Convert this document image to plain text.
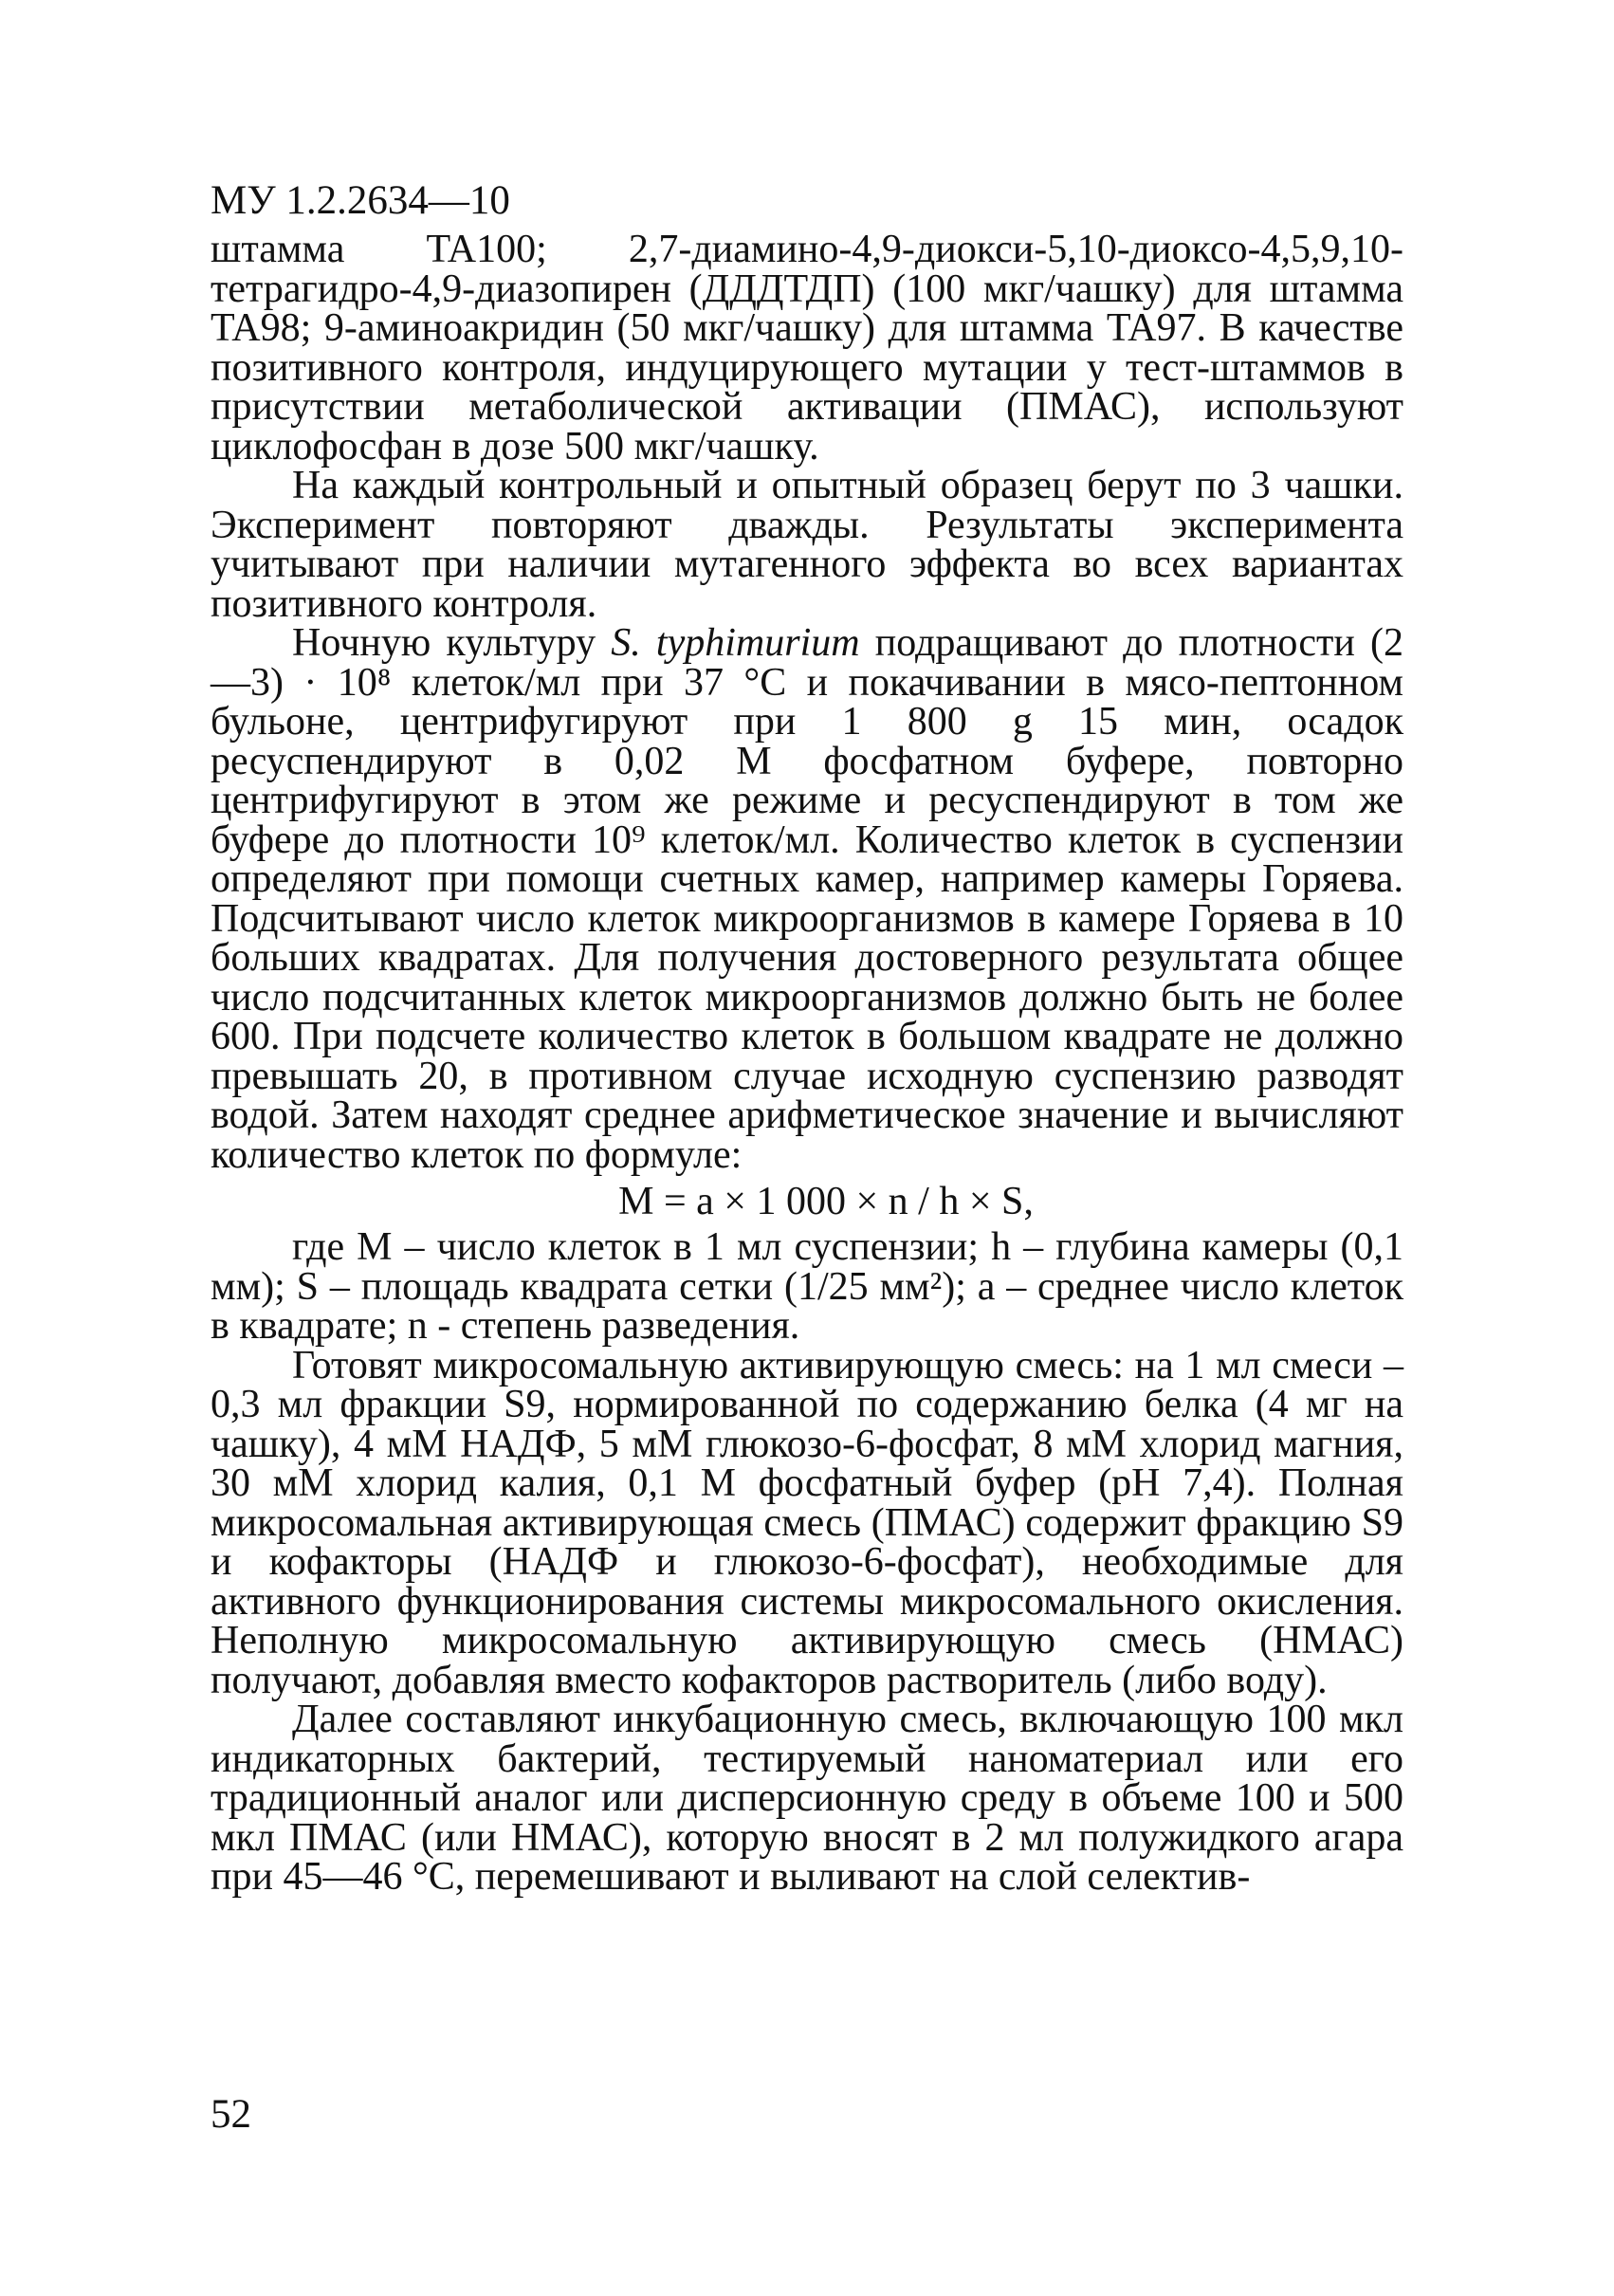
МУ 1.2.2634—10

штамма TA100; 2,7-диамино-4,9-диокси-5,10-диоксо-4,5,9,10-тетрагидро-4,9-диазопирен (ДДДТДП) (100 мкг/чашку) для штамма TA98; 9-аминоакридин (50 мкг/чашку) для штамма TA97. В качестве позитивного контроля, индуцирующего мутации у тест-штаммов в присутствии метаболической активации (ПМАС), используют циклофосфан в дозе 500 мкг/чашку.

На каждый контрольный и опытный образец берут по 3 чашки. Эксперимент повторяют дважды. Результаты эксперимента учитывают при наличии мутагенного эффекта во всех вариантах позитивного контроля.

Ночную культуру S. typhimurium подращивают до плотности (2—3) · 10⁸ клеток/мл при 37 °С и покачивании в мясо-пептонном бульоне, центрифугируют при 1 800 g 15 мин, осадок ресуспендируют в 0,02 М фосфатном буфере, повторно центрифугируют в этом же режиме и ресуспендируют в том же буфере до плотности 10⁹ клеток/мл. Количество клеток в суспензии определяют при помощи счетных камер, например камеры Горяева. Подсчитывают число клеток микроорганизмов в камере Горяева в 10 больших квадратах. Для получения достоверного результата общее число подсчитанных клеток микроорганизмов должно быть не более 600. При подсчете количество клеток в большом квадрате не должно превышать 20, в противном случае исходную суспензию разводят водой. Затем находят среднее арифметическое значение и вычисляют количество клеток по формуле:

M = a × 1 000 × n / h × S,

где М – число клеток в 1 мл суспензии; h – глубина камеры (0,1 мм); S – площадь квадрата сетки (1/25 мм²); a – среднее число клеток в квадрате; n - степень разведения.

Готовят микросомальную активирующую смесь: на 1 мл смеси – 0,3 мл фракции S9, нормированной по содержанию белка (4 мг на чашку), 4 мМ НАДФ, 5 мМ глюкозо-6-фосфат, 8 мМ хлорид магния, 30 мМ хлорид калия, 0,1 М фосфатный буфер (pH 7,4). Полная микросомальная активирующая смесь (ПМАС) содержит фракцию S9 и кофакторы (НАДФ и глюкозо-6-фосфат), необходимые для активного функционирования системы микросомального окисления. Неполную микросомальную активирующую смесь (НМАС) получают, добавляя вместо кофакторов растворитель (либо воду).

Далее составляют инкубационную смесь, включающую 100 мкл индикаторных бактерий, тестируемый наноматериал или его традиционный аналог или дисперсионную среду в объеме 100 и 500 мкл ПМАС (или НМАС), которую вносят в 2 мл полужидкого агара при 45—46 °С, перемешивают и выливают на слой селектив-

52
